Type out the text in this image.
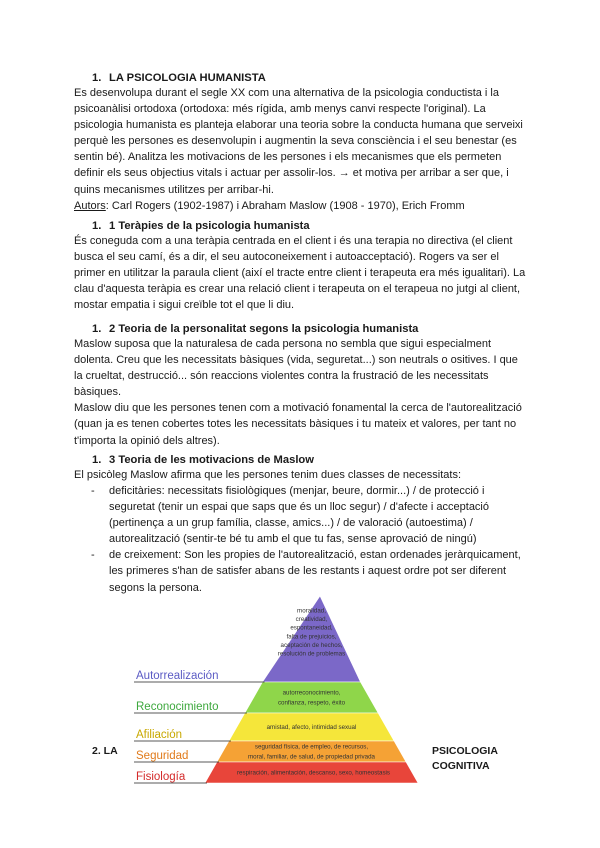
1. LA PSICOLOGIA HUMANISTA
Es desenvolupa durant el segle XX com una alternativa de la psicologia conductista i la
psicoanàlisi ortodoxa (ortodoxa: més rígida, amb menys canvi respecte l'original). La
psicologia humanista es planteja elaborar una teoria sobre la conducta humana que serveixi
perquè les persones es desenvolupin i augmentin la seva consciència i el seu benestar (es
sentin bé). Analitza les motivacions de les persones i els mecanismes que els permeten
definir els seus objectius vitals i actuar per assolir-los. → et motiva per arribar a ser que, i
quins mecanismes utilitzes per arribar-hi.
Autors: Carl Rogers (1902-1987) i Abraham Maslow (1908 - 1970), Erich Fromm
1. 1 Teràpies de la psicologia humanista
És coneguda com a una teràpia centrada en el client i és una terapia no directiva (el client
busca el seu camí, és a dir, el seu autoconeixement i autoacceptació). Rogers va ser el
primer en utilitzar la paraula client (així el tracte entre client i terapeuta era més igualitari). La
clau d'aquesta teràpia es crear una relació client i terapeuta on el terapeua no jutgi al client,
mostar empatia i sigui creïble tot el que li diu.
1. 2 Teoria de la personalitat segons la psicologia humanista
Maslow suposa que la naturalesa de cada persona no sembla que sigui especialment
dolenta. Creu que les necessitats bàsiques (vida, seguretat...) son neutrals o ositives. I que
la crueltat, destrucció... són reaccions violentes contra la frustració de les necessitats
bàsiques.
Maslow diu que les persones tenen com a motivació fonamental la cerca de l'autorealització
(quan ja es tenen cobertes totes les necessitats bàsiques i tu mateix et valores, per tant no
t'importa la opinió dels altres).
1. 3 Teoria de les motivacions de Maslow
El psicòleg Maslow afirma que les persones tenim dues classes de necessitats:
- deficitàries: necessitats fisiològiques (menjar, beure, dormir...) / de protecció i
seguretat (tenir un espai que saps que és un lloc segur) / d'afecte i acceptació
(pertinença a un grup família, classe, amics...) / de valoració (autoestima) /
autorealització (sentir-te bé tu amb el que tu fas, sense aprovació de ningú)
- de creixement: Son les propies de l'autorealització, estan ordenades jeràrquicament,
les primeres s'han de satisfer abans de les restants i aquest ordre pot ser diferent
segons la persona.
Autorrealización
Reconocimiento
Afiliación
Seguridad
Fisiología
moralidad,
creatividad,
espontaneidad,
falta de prejuicios,
aceptación de hechos,
resolución de problemas
autorreconocimiento,
confianza, respeto, éxito
amistad, afecto, intimidad sexual
seguridad física, de empleo, de recursos,
moral, familiar, de salud, de propiedad privada
respiración, alimentación, descanso, sexo, homeostasis
2. LA	PSICOLOGIA
COGNITIVA
